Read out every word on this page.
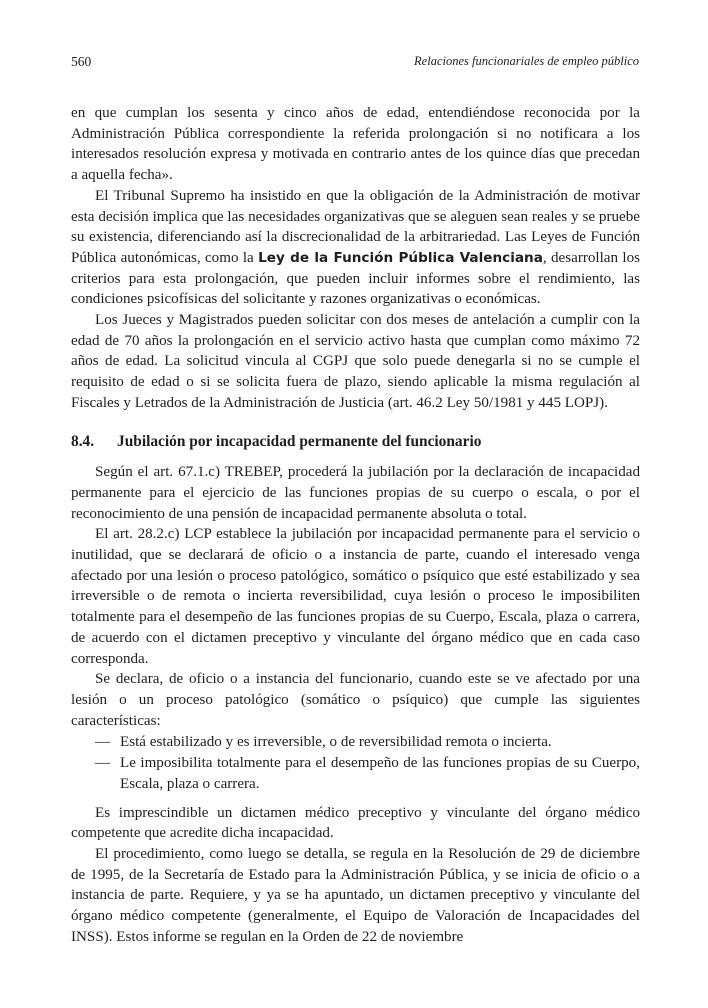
560	Relaciones funcionariales de empleo público

en que cumplan los sesenta y cinco años de edad, entendiéndose reconocida por la Administración Pública correspondiente la referida prolongación si no notificara a los interesados resolución expresa y motivada en contrario antes de los quince días que precedan a aquella fecha».

El Tribunal Supremo ha insistido en que la obligación de la Administración de motivar esta decisión implica que las necesidades organizativas que se aleguen sean reales y se pruebe su existencia, diferenciando así la discrecionalidad de la arbitrariedad. Las Leyes de Función Pública autonómicas, como la Ley de la Función Pública Valenciana, desarrollan los criterios para esta prolongación, que pueden incluir informes sobre el rendimiento, las condiciones psicofísicas del solicitante y razones organizativas o económicas.

Los Jueces y Magistrados pueden solicitar con dos meses de antelación a cumplir con la edad de 70 años la prolongación en el servicio activo hasta que cumplan como máximo 72 años de edad. La solicitud vincula al CGPJ que solo puede denegarla si no se cumple el requisito de edad o si se solicita fuera de plazo, siendo aplicable la misma regulación al Fiscales y Letrados de la Administración de Justicia (art. 46.2 Ley 50/1981 y 445 LOPJ).

8.4.	Jubilación por incapacidad permanente del funcionario

Según el art. 67.1.c) TREBEP, procederá la jubilación por la declaración de incapacidad permanente para el ejercicio de las funciones propias de su cuerpo o escala, o por el reconocimiento de una pensión de incapacidad permanente absoluta o total.

El art. 28.2.c) LCP establece la jubilación por incapacidad permanente para el servicio o inutilidad, que se declarará de oficio o a instancia de parte, cuando el interesado venga afectado por una lesión o proceso patológico, somático o psíquico que esté estabilizado y sea irreversible o de remota o incierta reversibilidad, cuya lesión o proceso le imposibiliten totalmente para el desempeño de las funciones propias de su Cuerpo, Escala, plaza o carrera, de acuerdo con el dictamen preceptivo y vinculante del órgano médico que en cada caso corresponda.

Se declara, de oficio o a instancia del funcionario, cuando este se ve afectado por una lesión o un proceso patológico (somático o psíquico) que cumple las siguientes características:

— Está estabilizado y es irreversible, o de reversibilidad remota o incierta.
— Le imposibilita totalmente para el desempeño de las funciones propias de su Cuerpo, Escala, plaza o carrera.

Es imprescindible un dictamen médico preceptivo y vinculante del órgano médico competente que acredite dicha incapacidad.

El procedimiento, como luego se detalla, se regula en la Resolución de 29 de diciembre de 1995, de la Secretaría de Estado para la Administración Pública, y se inicia de oficio o a instancia de parte. Requiere, y ya se ha apuntado, un dictamen preceptivo y vinculante del órgano médico competente (generalmente, el Equipo de Valoración de Incapacidades del INSS). Estos informe se regulan en la Orden de 22 de noviembre
